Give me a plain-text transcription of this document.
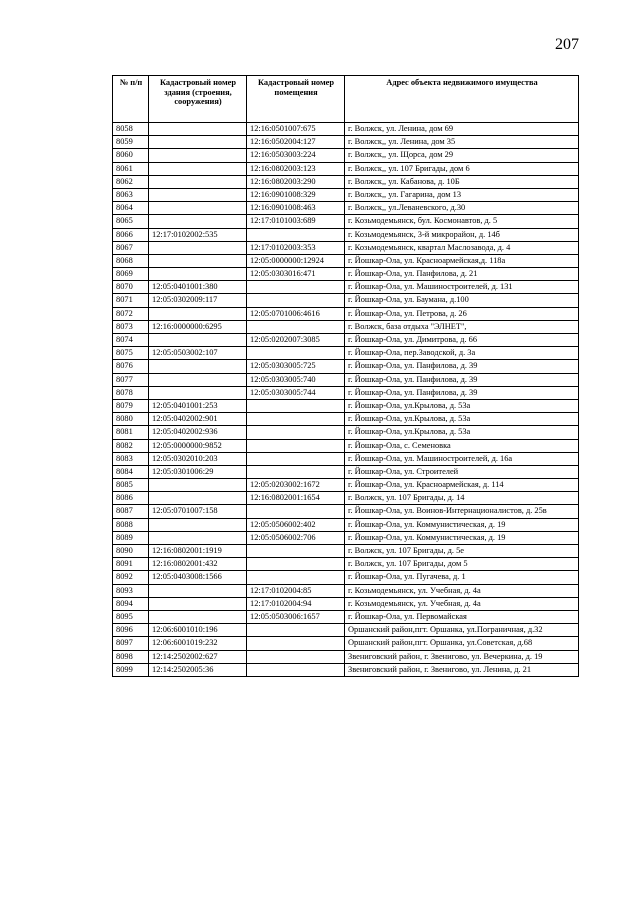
207
№ п/п	Кадастровый номер здания (строения, сооружения)	Кадастровый номер помещения	Адрес объекта недвижимого имущества
8058		12:16:0501007:675	г. Волжск, ул. Ленина, дом 69
8059		12:16:0502004:127	г. Волжск,, ул. Ленина, дом 35
8060		12:16:0503003:224	г. Волжск,, ул. Щорса, дом 29
8061		12:16:0802003:123	г. Волжск,, ул. 107 Бригады, дом 6
8062		12:16:0802003:290	г. Волжск,, ул. Кабанова, д. 10Б
8063		12:16:0901008:329	г. Волжск,, ул. Гагарина, дом 13
8064		12:16:0901008:463	г. Волжск,, ул.Леваневского, д.30
8065		12:17:0101003:689	г. Козьмодемьянск, бул. Космонавтов, д. 5
8066	12:17:0102002:535		г. Козьмодемьянск, 3-й микрорайон, д. 14б
8067		12:17:0102003:353	г. Козьмодемьянск, квартал Маслозавода, д. 4
8068		12:05:0000000:12924	г. Йошкар-Ола, ул. Красноармейская,д. 118а
8069		12:05:0303016:471	г. Йошкар-Ола, ул. Панфилова, д. 21
8070	12:05:0401001:380		г. Йошкар-Ола, ул. Машиностроителей, д. 131
8071	12:05:0302009:117		г. Йошкар-Ола, ул. Баумана, д.100
8072		12:05:0701006:4616	г. Йошкар-Ола, ул. Петрова, д. 26
8073	12:16:0000000:6295		г. Волжск, база отдыха "ЭЛНЕТ",
8074		12:05:0202007:3085	г. Йошкар-Ола, ул. Димитрова, д. 66
8075	12:05:0503002:107		г. Йошкар-Ола, пер.Заводской, д. 3а
8076		12:05:0303005:725	г. Йошкар-Ола, ул. Панфилова, д. 39
8077		12:05:0303005:740	г. Йошкар-Ола, ул. Панфилова, д. 39
8078		12:05:0303005:744	г. Йошкар-Ола, ул. Панфилова, д. 39
8079	12:05:0401001:253		г. Йошкар-Ола, ул.Крылова, д. 53а
8080	12:05:0402002:901		г. Йошкар-Ола, ул.Крылова, д. 53а
8081	12:05:0402002:936		г. Йошкар-Ола, ул.Крылова, д. 53а
8082	12:05:0000000:9852		г. Йошкар-Ола, с. Семеновка
8083	12:05:0302010:203		г. Йошкар-Ола, ул. Машиностроителей, д. 16а
8084	12:05:0301006:29		г. Йошкар-Ола, ул. Строителей
8085		12:05:0203002:1672	г. Йошкар-Ола, ул. Красноармейская, д. 114
8086		12:16:0802001:1654	г. Волжск, ул. 107 Бригады, д. 14
8087	12:05:0701007:158		г. Йошкар-Ола, ул. Воинов-Интернационалистов, д. 25в
8088		12:05:0506002:402	г. Йошкар-Ола, ул. Коммунистическая, д. 19
8089		12:05:0506002:706	г. Йошкар-Ола, ул. Коммунистическая, д. 19
8090	12:16:0802001:1919		г. Волжск, ул. 107 Бригады, д. 5е
8091	12:16:0802001:432		г. Волжск, ул. 107 Бригады, дом 5
8092	12:05:0403008:1566		г. Йошкар-Ола, ул. Пугачева, д. 1
8093		12:17:0102004:85	г. Козьмодемьянск, ул. Учебная, д. 4а
8094		12:17:0102004:94	г. Козьмодемьянск, ул. Учебная, д. 4а
8095		12:05:0503006:1657	г. Йошкар-Ола, ул. Первомайская
8096	12:06:6001010:196		Оршанский район,пгт. Оршанка, ул.Пограничная, д.32
8097	12:06:6001019:232		Оршанский район,пгт. Оршанка, ул.Советская, д.68
8098	12:14:2502002:627		Звениговский район, г. Звенигово, ул. Вечеркина, д. 19
8099	12:14:2502005:36		Звениговский район, г. Звенигово, ул. Ленина, д. 21
